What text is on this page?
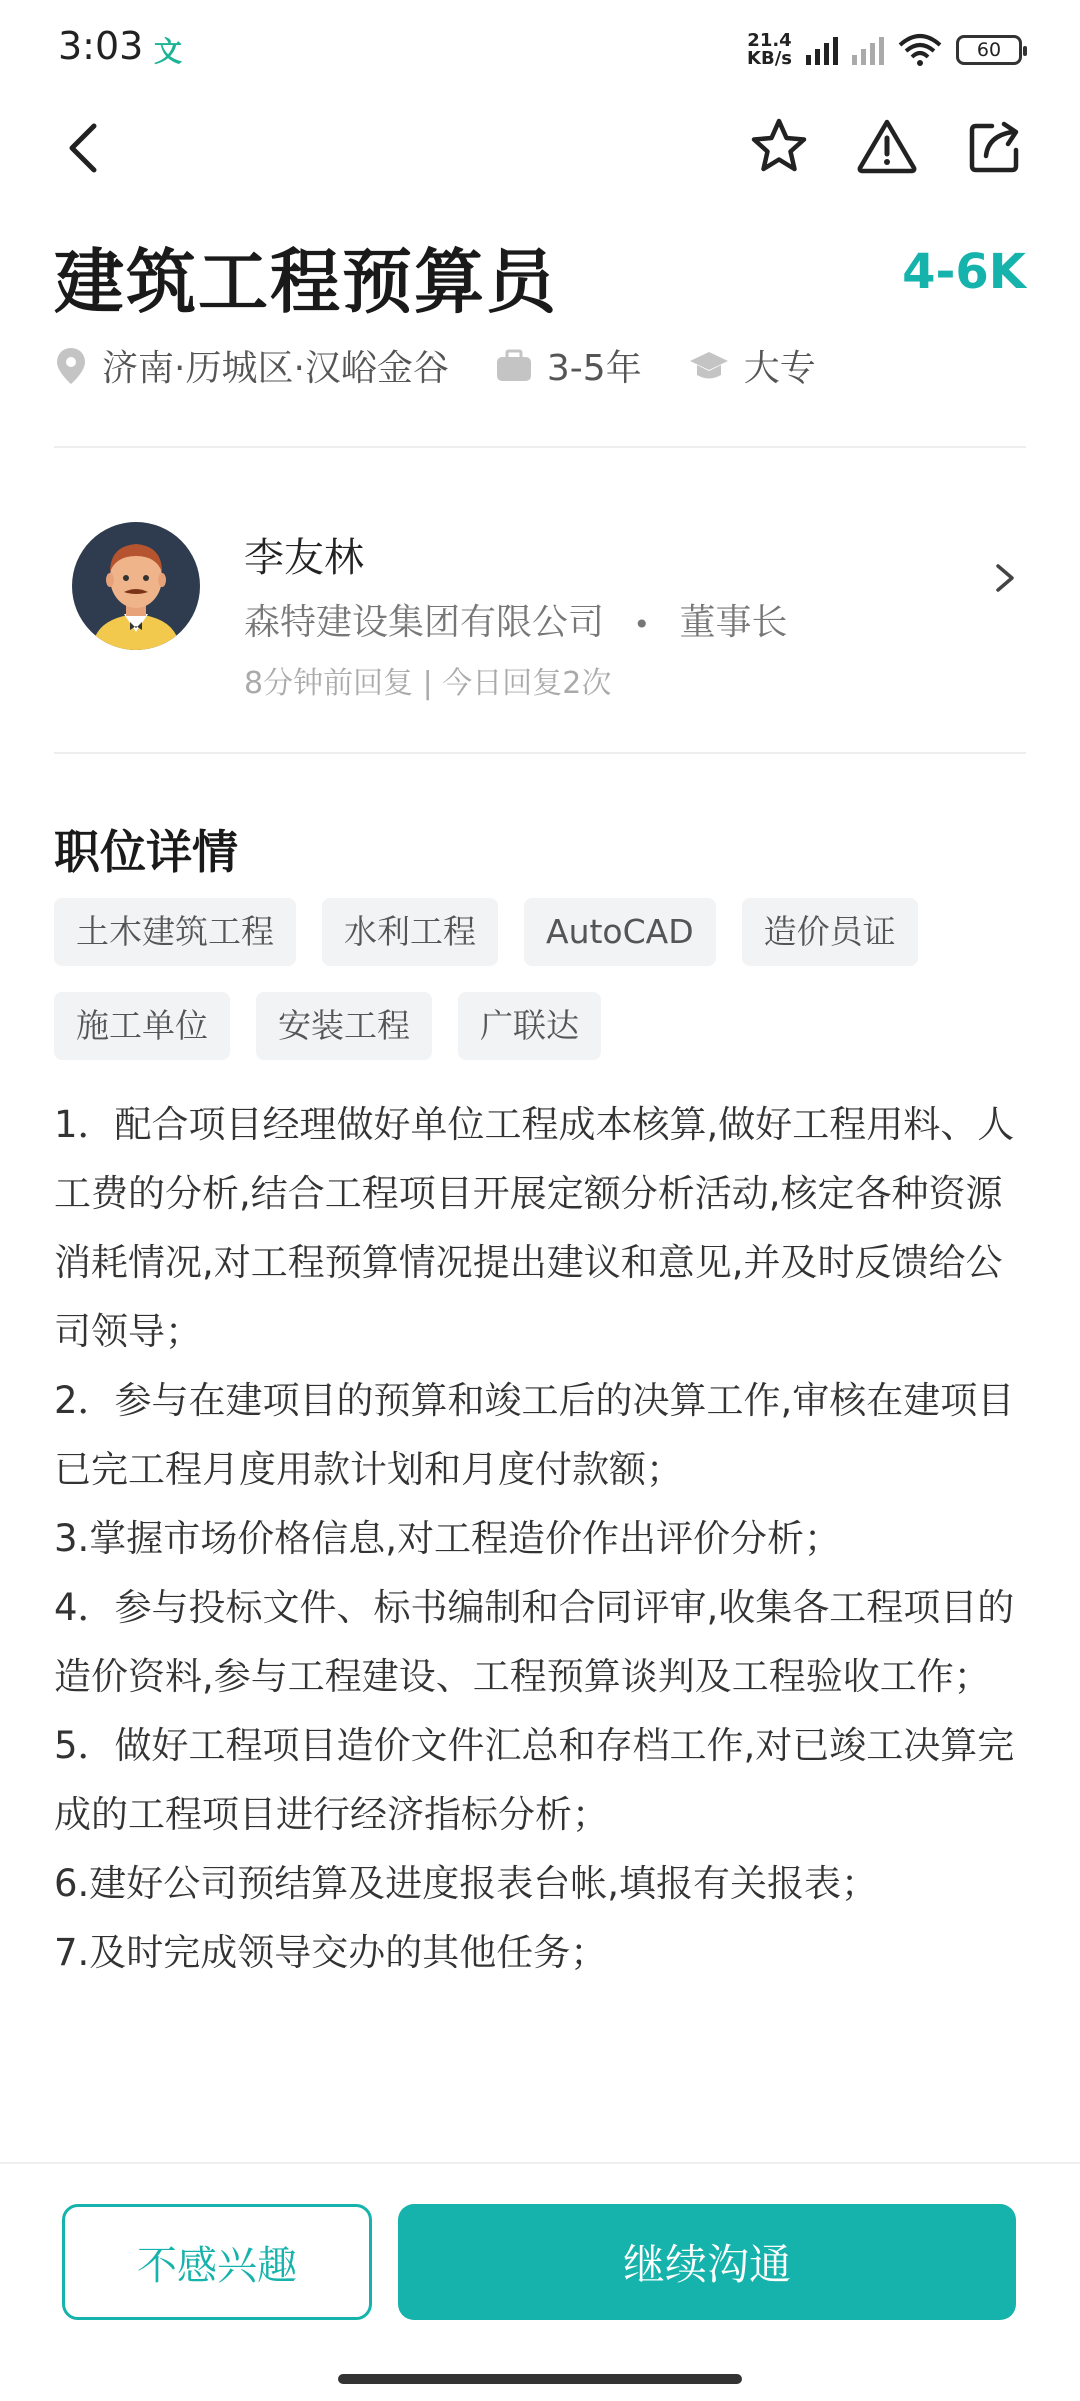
3:03 文	21.4
KB/s	60
建筑工程预算员	4-6K
济南·历城区·汉峪金谷	3-5年	大专
李友林
森特建设集团有限公司 • 董事长
8分钟前回复 | 今日回复2次
职位详情
土木建筑工程	水利工程	AutoCAD	造价员证
施工单位	安装工程	广联达

1．配合项目经理做好单位工程成本核算,做好工程用料、人工费的分析,结合工程项目开展定额分析活动,核定各种资源消耗情况,对工程预算情况提出建议和意见,并及时反馈给公司领导；

2．参与在建项目的预算和竣工后的决算工作,审核在建项目已完工程月度用款计划和月度付款额；

3.掌握市场价格信息,对工程造价作出评价分析；

4．参与投标文件、标书编制和合同评审,收集各工程项目的造价资料,参与工程建设、工程预算谈判及工程验收工作；

5．做好工程项目造价文件汇总和存档工作,对已竣工决算完成的工程项目进行经济指标分析；

6.建好公司预结算及进度报表台帐,填报有关报表；

7.及时完成领导交办的其他任务；

不感兴趣	继续沟通
